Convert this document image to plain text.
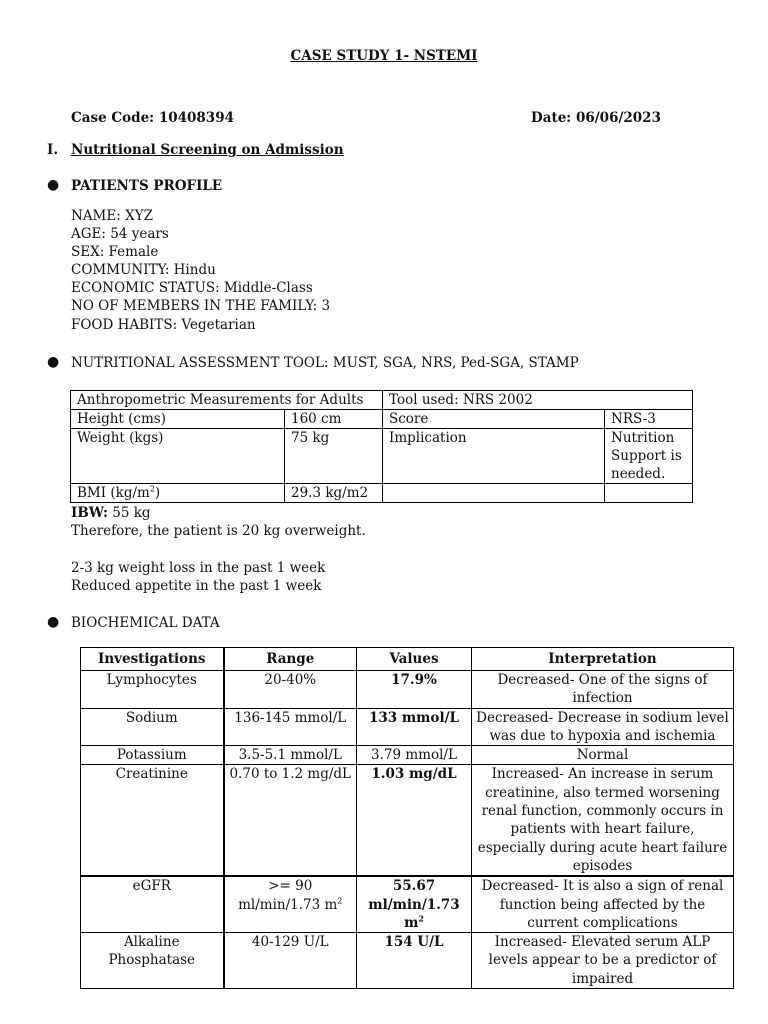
CASE STUDY 1- NSTEMI
Case Code: 10408394	Date: 06/06/2023
I. Nutritional Screening on Admission
● PATIENTS PROFILE
NAME: XYZ
AGE: 54 years
SEX: Female
COMMUNITY: Hindu
ECONOMIC STATUS: Middle-Class
NO OF MEMBERS IN THE FAMILY: 3
FOOD HABITS: Vegetarian
● NUTRITIONAL ASSESSMENT TOOL: MUST, SGA, NRS, Ped-SGA, STAMP
Anthropometric Measurements for Adults		Tool used: NRS 2002	
Height (cms)	160 cm	Score	NRS-3
Weight (kgs)	75 kg	Implication	Nutrition Support is needed.
BMI $(kg/m^2)$	29.3 kg/m2		
IBW: 55 kg
Therefore, the patient is 20 kg overweight.
2-3 kg weight loss in the past 1 week
Reduced appetite in the past 1 week
● BIOCHEMICAL DATA
Investigations	Range	Values	Interpretation
Lymphocytes	20-40%	17.9%	Decreased- One of the signs of infection
Sodium	136-145 mmol/L	133 mmol/L	Decreased- Decrease in sodium level was due to hypoxia and ischemia
Potassium	3.5-5.1 mmol/L	3.79 mmol/L	Normal
Creatinine	0.70 to 1.2 mg/dL	1.03 mg/dL	Increased- An increase in serum creatinine, also termed worsening renal function, commonly occurs in patients with heart failure, especially during acute heart failure episodes
eGFR	>= 90 ml/min/1.73 $m^2$	55.67 ml/min/1.73 $m^2$	Decreased- It is also a sign of renal function being affected by the current complications
Alkaline Phosphatase	40-129 U/L	154 U/L	Increased- Elevated serum ALP levels appear to be a predictor of impaired
